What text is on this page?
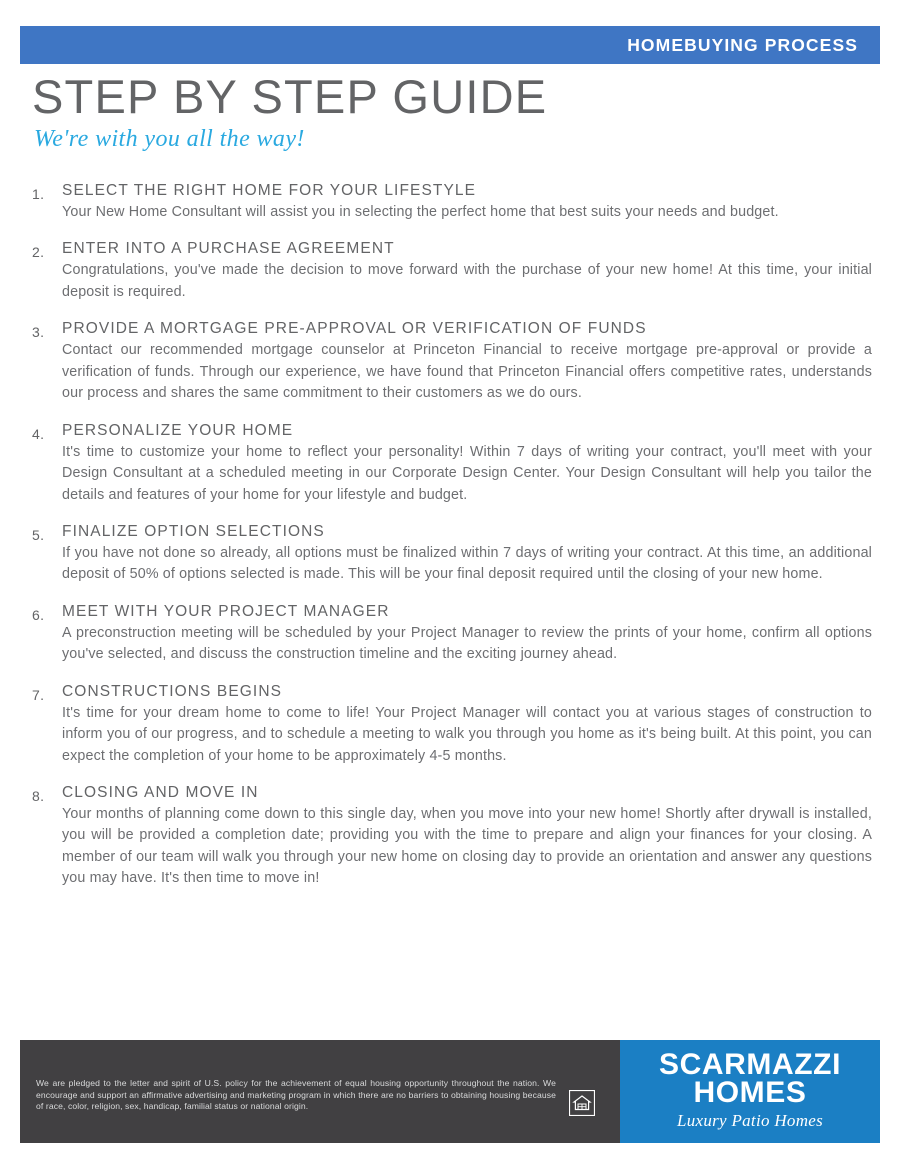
HOMEBUYING PROCESS
STEP BY STEP GUIDE
We're with you all the way!
1.	SELECT THE RIGHT HOME FOR YOUR LIFESTYLE

Your New Home Consultant will assist you in selecting the perfect home that best suits your needs and budget.

2.	ENTER INTO A PURCHASE AGREEMENT

Congratulations, you've made the decision to move forward with the purchase of your new home! At this time, your initial deposit is required.

3.	PROVIDE A MORTGAGE PRE-APPROVAL OR VERIFICATION OF FUNDS

Contact our recommended mortgage counselor at Princeton Financial to receive mortgage pre-approval or provide a verification of funds. Through our experience, we have found that Princeton Financial offers competitive rates, understands our process and shares the same commitment to their customers as we do ours.

4.	PERSONALIZE YOUR HOME

It's time to customize your home to reflect your personality! Within 7 days of writing your contract, you'll meet with your Design Consultant at a scheduled meeting in our Corporate Design Center. Your Design Consultant will help you tailor the details and features of your home for your lifestyle and budget.

5.	FINALIZE OPTION SELECTIONS

If you have not done so already, all options must be finalized within 7 days of writing your contract. At this time, an additional deposit of 50% of options selected is made. This will be your final deposit required until the closing of your new home.

6.	MEET WITH YOUR PROJECT MANAGER

A preconstruction meeting will be scheduled by your Project Manager to review the prints of your home, confirm all options you've selected, and discuss the construction timeline and the exciting journey ahead.

7.	CONSTRUCTIONS BEGINS

It's time for your dream home to come to life! Your Project Manager will contact you at various stages of construction to inform you of our progress, and to schedule a meeting to walk you through you home as it's being built. At this point, you can expect the completion of your home to be approximately 4-5 months.

8.	CLOSING AND MOVE IN

Your months of planning come down to this single day, when you move into your new home! Shortly after drywall is installed, you will be provided a completion date; providing you with the time to prepare and align your finances for your closing. A member of our team will walk you through your new home on closing day to provide an orientation and answer any questions you may have. It's then time to move in!

We are pledged to the letter and spirit of U.S. policy for the achievement of equal housing opportunity throughout the nation. We encourage and support an affirmative advertising and marketing program in which there are no barriers to obtaining housing because of race, color, religion, sex, handicap, familial status or national origin.
SCARMAZZI
HOMES
Luxury Patio Homes
